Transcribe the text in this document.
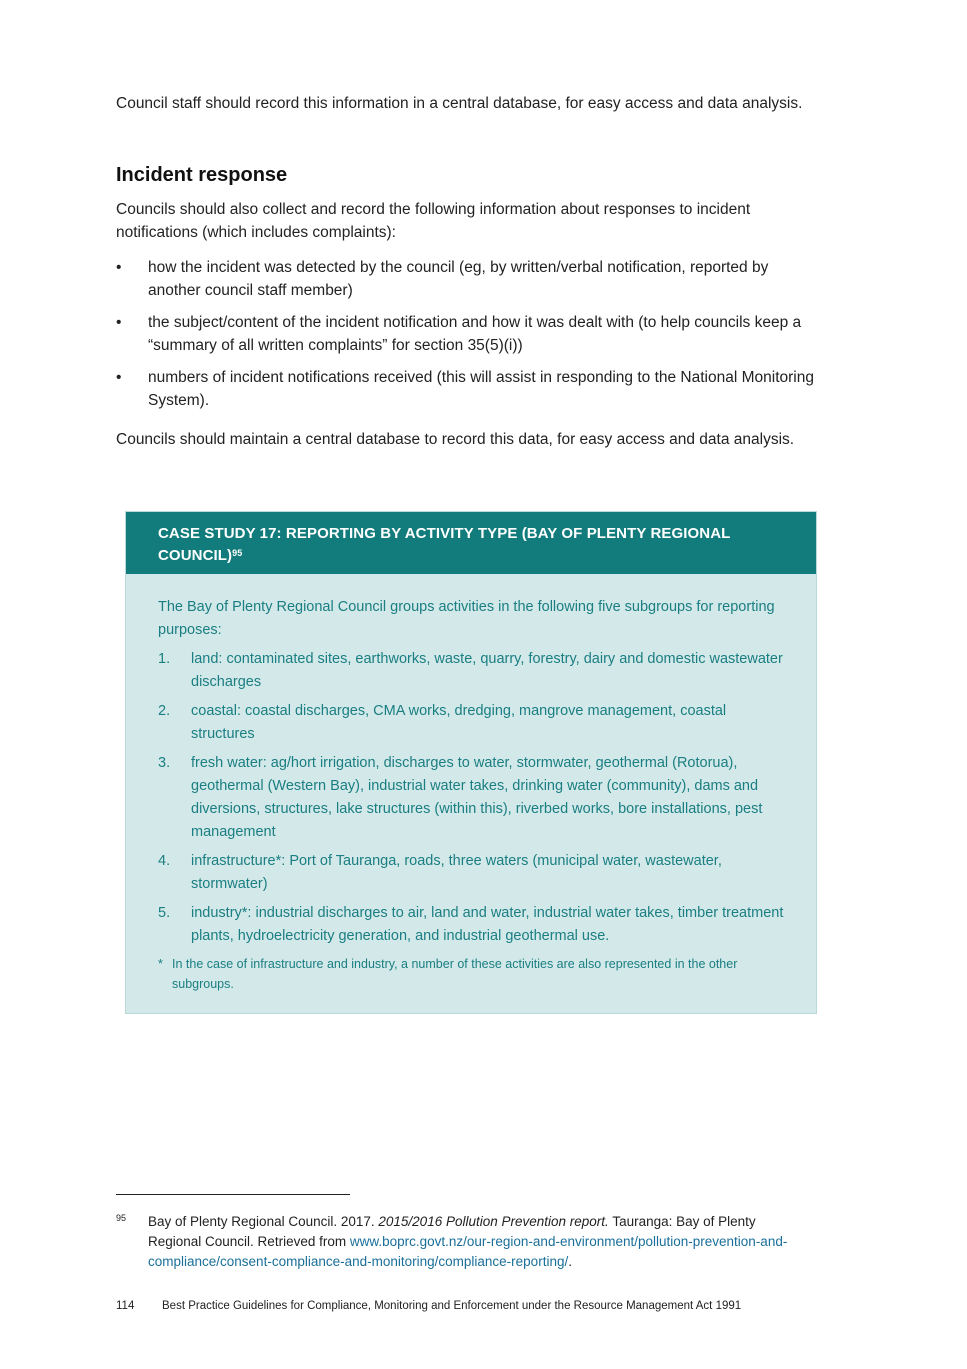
Council staff should record this information in a central database, for easy access and data analysis.

Incident response

Councils should also collect and record the following information about responses to incident notifications (which includes complaints):

• how the incident was detected by the council (eg, by written/verbal notification, reported by another council staff member)
• the subject/content of the incident notification and how it was dealt with (to help councils keep a “summary of all written complaints” for section 35(5)(i))
• numbers of incident notifications received (this will assist in responding to the National Monitoring System).

Councils should maintain a central database to record this data, for easy access and data analysis.

CASE STUDY 17: REPORTING BY ACTIVITY TYPE (BAY OF PLENTY REGIONAL COUNCIL)$^{95}$

The Bay of Plenty Regional Council groups activities in the following five subgroups for reporting purposes:

1. land: contaminated sites, earthworks, waste, quarry, forestry, dairy and domestic wastewater discharges
2. coastal: coastal discharges, CMA works, dredging, mangrove management, coastal structures
3. fresh water: ag/hort irrigation, discharges to water, stormwater, geothermal (Rotorua), geothermal (Western Bay), industrial water takes, drinking water (community), dams and diversions, structures, lake structures (within this), riverbed works, bore installations, pest management
4. infrastructure*: Port of Tauranga, roads, three waters (municipal water, wastewater, stormwater)
5. industry*: industrial discharges to air, land and water, industrial water takes, timber treatment plants, hydroelectricity generation, and industrial geothermal use.
* In the case of infrastructure and industry, a number of these activities are also represented in the other subgroups.
95 Bay of Plenty Regional Council. 2017. 2015/2016 Pollution Prevention report. Tauranga: Bay of Plenty Regional Council. Retrieved from www.boprc.govt.nz/our-region-and-environment/pollution-prevention-and-compliance/consent-compliance-and-monitoring/compliance-reporting/.
114 Best Practice Guidelines for Compliance, Monitoring and Enforcement under the Resource Management Act 1991
